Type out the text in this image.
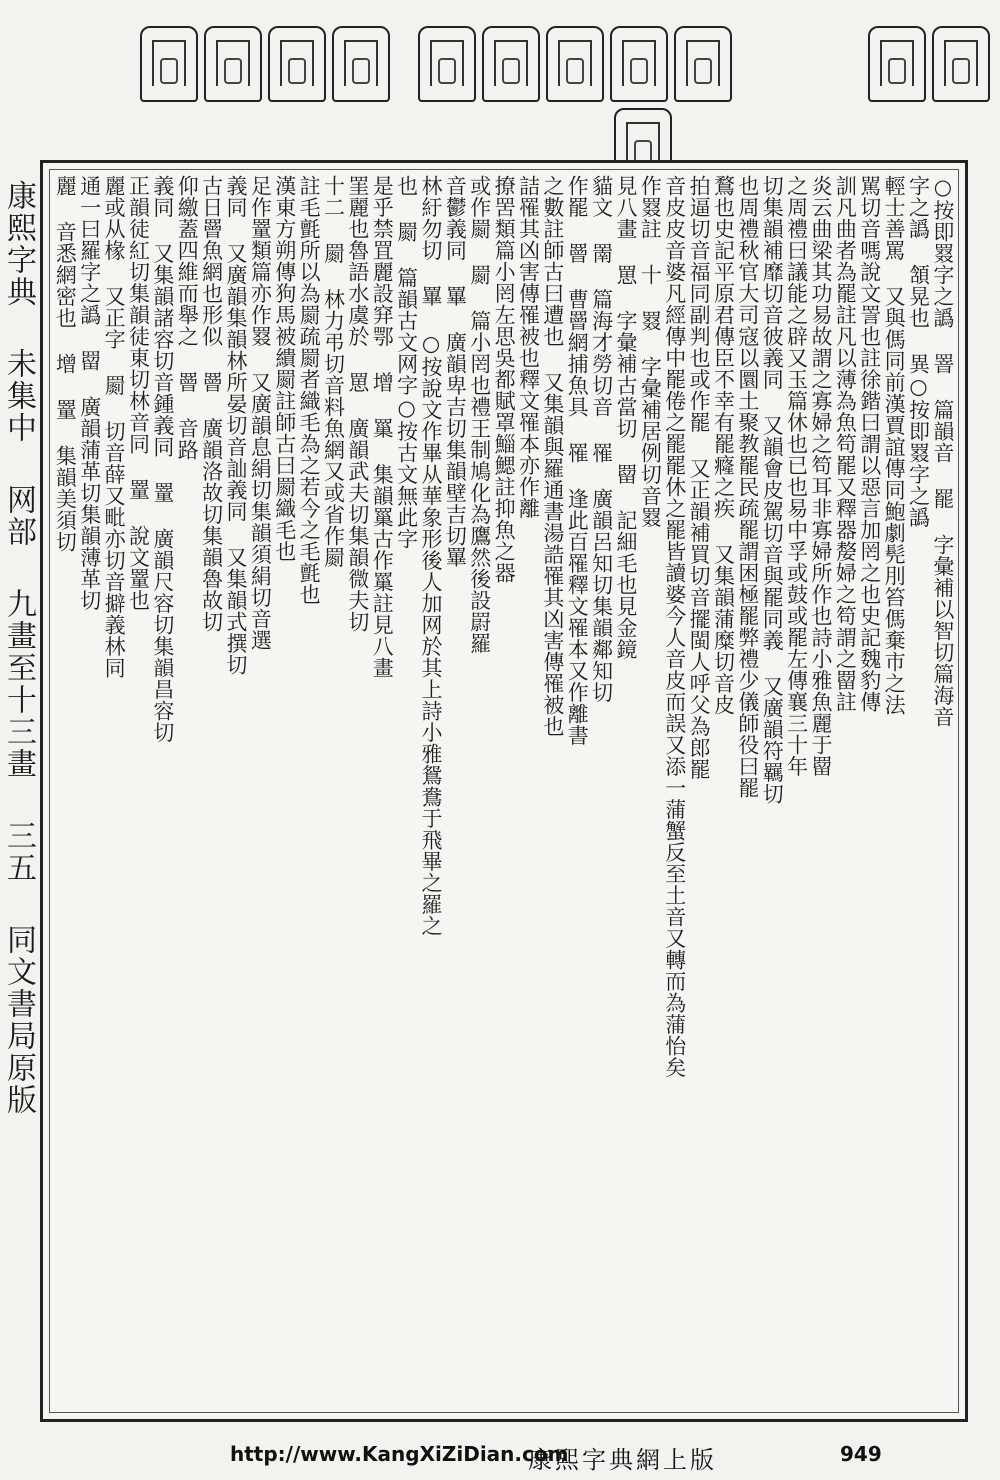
康熙字典
未集中
网部
九畫至十三畫
三五
同文書局原版
○按即罬字之譌 罯 篇韻音 罷 字彙補以智切篇海音
字之譌 頷晃也 異○按即罬字之譌
輕士善罵 又與傌同前漢賈誼傳同鮑劇髡刖笞傌棄市之法
駡切音嗎說文詈也註徐鍇曰謂以惡言加罔之也史記魏豹傳
訓凡曲者為罷註凡以薄為魚笱罷又釋器嫠婦之笱謂之罶註
炎云曲梁其功易故謂之寡婦之笱耳非寡婦所作也詩小雅魚麗于罶
之周禮曰議能之辟又玉篇休也已也易中孚或鼓或罷左傳襄三十年
切集韻補靡切音彼義同 又韻會皮駕切音與罷同義 又廣韻符羈切
也周禮秋官大司寇以圜土聚教罷民疏罷謂困極罷弊禮少儀師役曰罷
鶩也史記平原君傳臣不幸有罷癃之疾 又集韻蒲糜切音皮
拍逼切音福同副判也或作罷 又正韻補買切音擺閩人呼父為郎罷
音皮皮音婆凡經傳中罷倦之罷罷休之罷皆讀婆今人音皮而誤又添一蒲蟹反至土音又轉而為蒲怡矣
作罬註 十 罬 字彙補居例切音罬
見八畫 罳 字彙補古當切 罶 記細毛也見金鏡
貓文 罱 篇海才勞切音 罹 廣韻呂知切集韻鄰知切
作罷 罾 曹罾網捕魚具 罹 逢此百罹釋文罹本又作離書
之數註師古曰遭也 又集韻與羅通書湯誥罹其凶害傳罹被也
詰罹其凶害傳罹被也釋文罹本亦作離
撩罟類篇小罔左思吳都賦罩鯔鰓註抑魚之器
或作罽 罽 篇小罔也禮王制鳩化為鷹然後設罻羅
音鬱義同 罼 廣韻卑吉切集韻壁吉切罼
林紆勿切 罼 ○按說文作畢从華象形後人加网於其上詩小雅鴛鴦于飛畢之羅之
也 罽 篇韻古文网字○按古文無此字
是乎禁罝麗設穽鄂 增 罺 集韻罺古作罺註見八畫
罣麗也魯語水虞於 罳 廣韻武夫切集韻微夫切
十二 罽 林力弔切音料魚網又或省作罽
註毛氈所以為罽疏罽者織毛為之若今之毛氈也
漢東方朔傳狗馬被繢罽註師古曰罽織毛也
足作罿類篇亦作罬 又廣韻息絹切集韻須絹切音選
義同 又廣韻集韻林所晏切音訕義同 又集韻式撰切
古日罾魚網也形似 罾 廣韻洛故切集韻魯故切
仰繳蓋四維而舉之 罾 音路
義同 又集韻諸容切音鍾義同 罿 廣韻尺容切集韻昌容切
正韻徒紅切集韻徒東切林音同 罿 說文罿也
麗或从椽 又正字 罽 切音薛又毗亦切音擗義林同
通一曰羅字之譌 罶 廣韻蒲革切集韻薄革切
麗 音悉網密也 增 罿 集韻美須切
http://www.KangXiZiDian.com
康熙字典網上版	949
